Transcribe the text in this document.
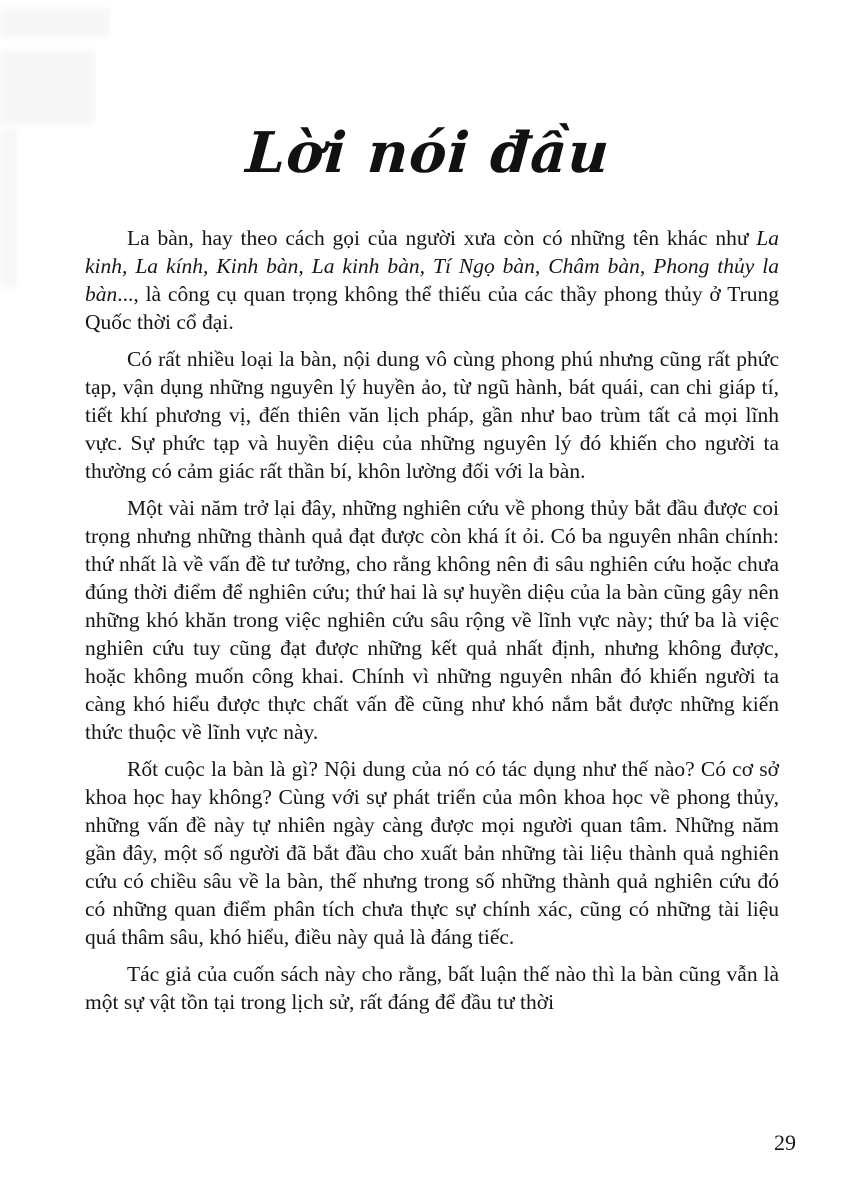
Lời nói đầu

La bàn, hay theo cách gọi của người xưa còn có những tên khác như La kinh, La kính, Kinh bàn, La kinh bàn, Tí Ngọ bàn, Châm bàn, Phong thủy la bàn..., là công cụ quan trọng không thể thiếu của các thầy phong thủy ở Trung Quốc thời cổ đại.

Có rất nhiều loại la bàn, nội dung vô cùng phong phú nhưng cũng rất phức tạp, vận dụng những nguyên lý huyền ảo, từ ngũ hành, bát quái, can chi giáp tí, tiết khí phương vị, đến thiên văn lịch pháp, gần như bao trùm tất cả mọi lĩnh vực. Sự phức tạp và huyền diệu của những nguyên lý đó khiến cho người ta thường có cảm giác rất thần bí, khôn lường đối với la bàn.

Một vài năm trở lại đây, những nghiên cứu về phong thủy bắt đầu được coi trọng nhưng những thành quả đạt được còn khá ít ỏi. Có ba nguyên nhân chính: thứ nhất là về vấn đề tư tưởng, cho rằng không nên đi sâu nghiên cứu hoặc chưa đúng thời điểm để nghiên cứu; thứ hai là sự huyền diệu của la bàn cũng gây nên những khó khăn trong việc nghiên cứu sâu rộng về lĩnh vực này; thứ ba là việc nghiên cứu tuy cũng đạt được những kết quả nhất định, nhưng không được, hoặc không muốn công khai. Chính vì những nguyên nhân đó khiến người ta càng khó hiểu được thực chất vấn đề cũng như khó nắm bắt được những kiến thức thuộc về lĩnh vực này.

Rốt cuộc la bàn là gì? Nội dung của nó có tác dụng như thế nào? Có cơ sở khoa học hay không? Cùng với sự phát triển của môn khoa học về phong thủy, những vấn đề này tự nhiên ngày càng được mọi người quan tâm. Những năm gần đây, một số người đã bắt đầu cho xuất bản những tài liệu thành quả nghiên cứu có chiều sâu về la bàn, thế nhưng trong số những thành quả nghiên cứu đó có những quan điểm phân tích chưa thực sự chính xác, cũng có những tài liệu quá thâm sâu, khó hiểu, điều này quả là đáng tiếc.

Tác giả của cuốn sách này cho rằng, bất luận thế nào thì la bàn cũng vẫn là một sự vật tồn tại trong lịch sử, rất đáng để đầu tư thời

29
